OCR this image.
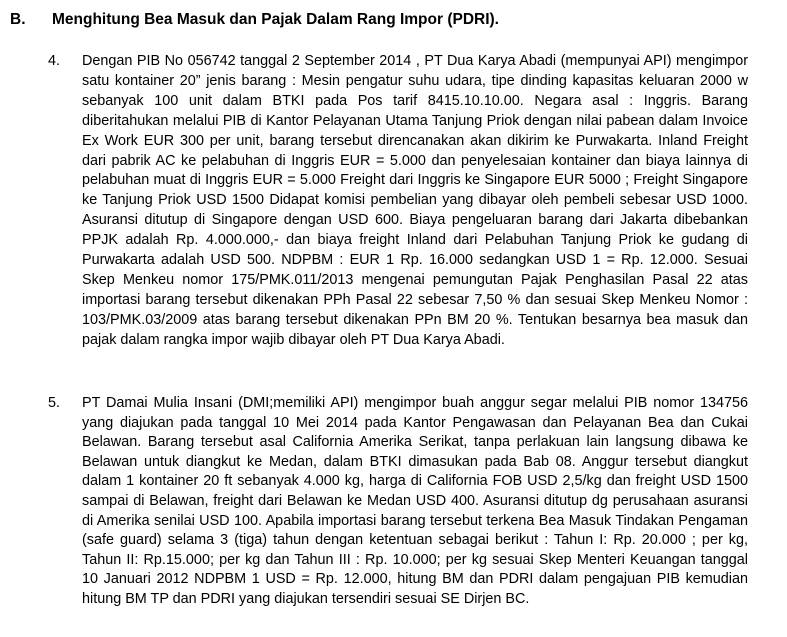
B.	Menghitung Bea Masuk dan Pajak Dalam Rang Impor (PDRI).
4.	Dengan PIB No 056742 tanggal 2 September 2014 , PT Dua Karya Abadi (mempunyai API) mengimpor satu kontainer 20” jenis barang : Mesin pengatur suhu udara, tipe dinding kapasitas keluaran 2000 w sebanyak 100 unit dalam BTKI pada Pos tarif 8415.10.10.00. Negara asal : Inggris. Barang diberitahukan melalui PIB di Kantor Pelayanan Utama Tanjung Priok dengan nilai pabean dalam Invoice Ex Work EUR 300 per unit, barang tersebut direncanakan akan dikirim ke Purwakarta. Inland Freight dari pabrik AC ke pelabuhan di Inggris EUR = 5.000 dan penyelesaian kontainer dan biaya lainnya di pelabuhan muat di Inggris EUR = 5.000 Freight dari Inggris ke Singapore EUR 5000 ; Freight Singapore ke Tanjung Priok USD 1500 Didapat komisi pembelian yang dibayar oleh pembeli sebesar USD 1000. Asuransi ditutup di Singapore dengan USD 600. Biaya pengeluaran barang dari Jakarta dibebankan PPJK adalah Rp. 4.000.000,- dan biaya freight Inland dari Pelabuhan Tanjung Priok ke gudang di Purwakarta adalah USD 500. NDPBM : EUR 1 Rp. 16.000 sedangkan USD 1 = Rp. 12.000. Sesuai Skep Menkeu nomor 175/PMK.011/2013 mengenai pemungutan Pajak Penghasilan Pasal 22 atas importasi barang tersebut dikenakan PPh Pasal 22 sebesar 7,50 % dan sesuai Skep Menkeu Nomor : 103/PMK.03/2009 atas barang tersebut dikenakan PPn BM 20 %. Tentukan besarnya bea masuk dan pajak dalam rangka impor wajib dibayar oleh PT Dua Karya Abadi.
5.	PT Damai Mulia Insani (DMI;memiliki API) mengimpor buah anggur segar melalui PIB nomor 134756 yang diajukan pada tanggal 10 Mei 2014 pada Kantor Pengawasan dan Pelayanan Bea dan Cukai Belawan. Barang tersebut asal California Amerika Serikat, tanpa perlakuan lain langsung dibawa ke Belawan untuk diangkut ke Medan, dalam BTKI dimasukan pada Bab 08. Anggur tersebut diangkut dalam 1 kontainer 20 ft sebanyak 4.000 kg, harga di California FOB USD 2,5/kg dan freight USD 1500 sampai di Belawan, freight dari Belawan ke Medan USD 400. Asuransi ditutup dg perusahaan asuransi di Amerika senilai USD 100. Apabila importasi barang tersebut terkena Bea Masuk Tindakan Pengaman (safe guard) selama 3 (tiga) tahun dengan ketentuan sebagai berikut : Tahun I: Rp. 20.000 ; per kg, Tahun II: Rp.15.000; per kg dan Tahun III : Rp. 10.000; per kg sesuai Skep Menteri Keuangan tanggal 10 Januari 2012 NDPBM 1 USD = Rp. 12.000, hitung BM dan PDRI dalam pengajuan PIB kemudian hitung BM TP dan PDRI yang diajukan tersendiri sesuai SE Dirjen BC.
